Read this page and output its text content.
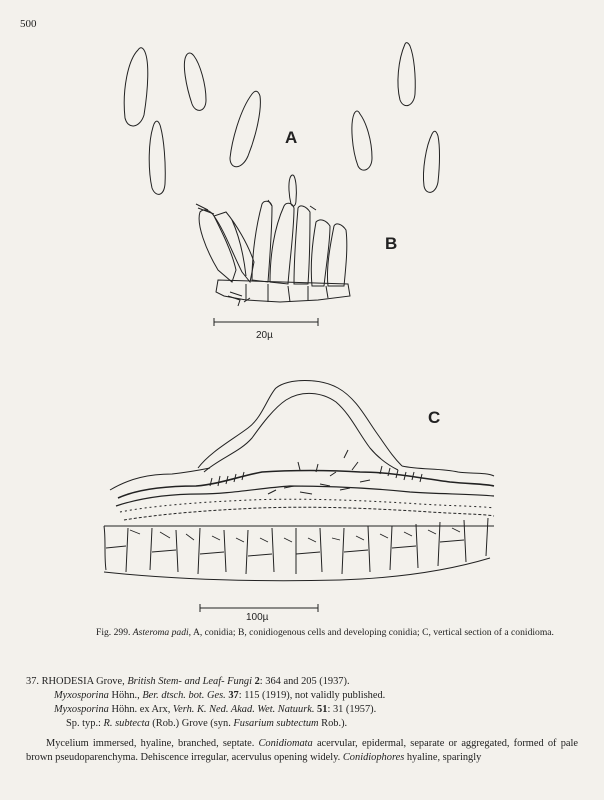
500
A
B
C
20µ
100µ
Fig. 299. Asteroma padi, A, conidia; B, conidiogenous cells and developing conidia; C, vertical section of a conidioma.
37. RHODESIA Grove, British Stem- and Leaf- Fungi 2: 364 and 205 (1937).
Myxosporina Höhn., Ber. dtsch. bot. Ges. 37: 115 (1919), not validly published.
Myxosporina Höhn. ex Arx, Verh. K. Ned. Akad. Wet. Natuurk. 51: 31 (1957).
Sp. typ.: R. subtecta (Rob.) Grove (syn. Fusarium subtectum Rob.).
Mycelium immersed, hyaline, branched, septate. Conidiomata acervular, epidermal, separate or aggregated, formed of pale brown pseudoparenchyma. Dehiscence irregular, acervulus opening widely. Conidiophores hyaline, sparingly
